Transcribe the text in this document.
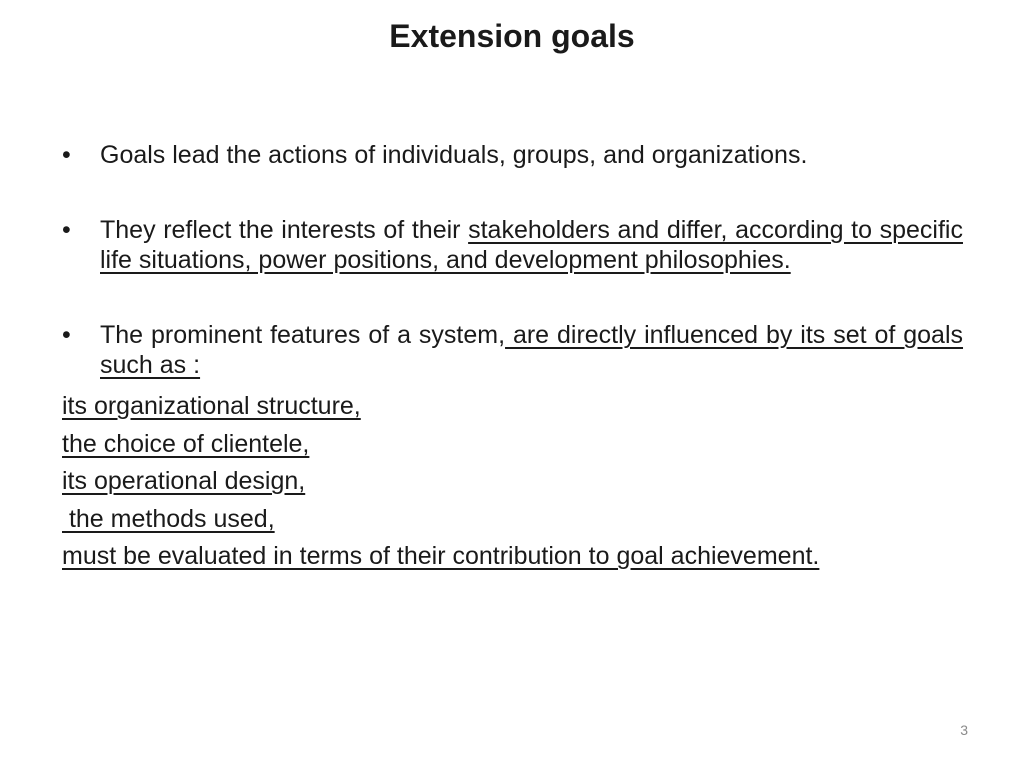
Extension goals
•	Goals lead the actions of individuals, groups, and organizations.
•	They reflect the interests of their stakeholders and differ, according to specific life situations, power positions, and development philosophies.
•	The prominent features of a system, are directly influenced by its set of goals such as :
its organizational structure,
the choice of clientele,
its operational design,
the methods used,
must be evaluated in terms of their contribution to goal achievement.
3
